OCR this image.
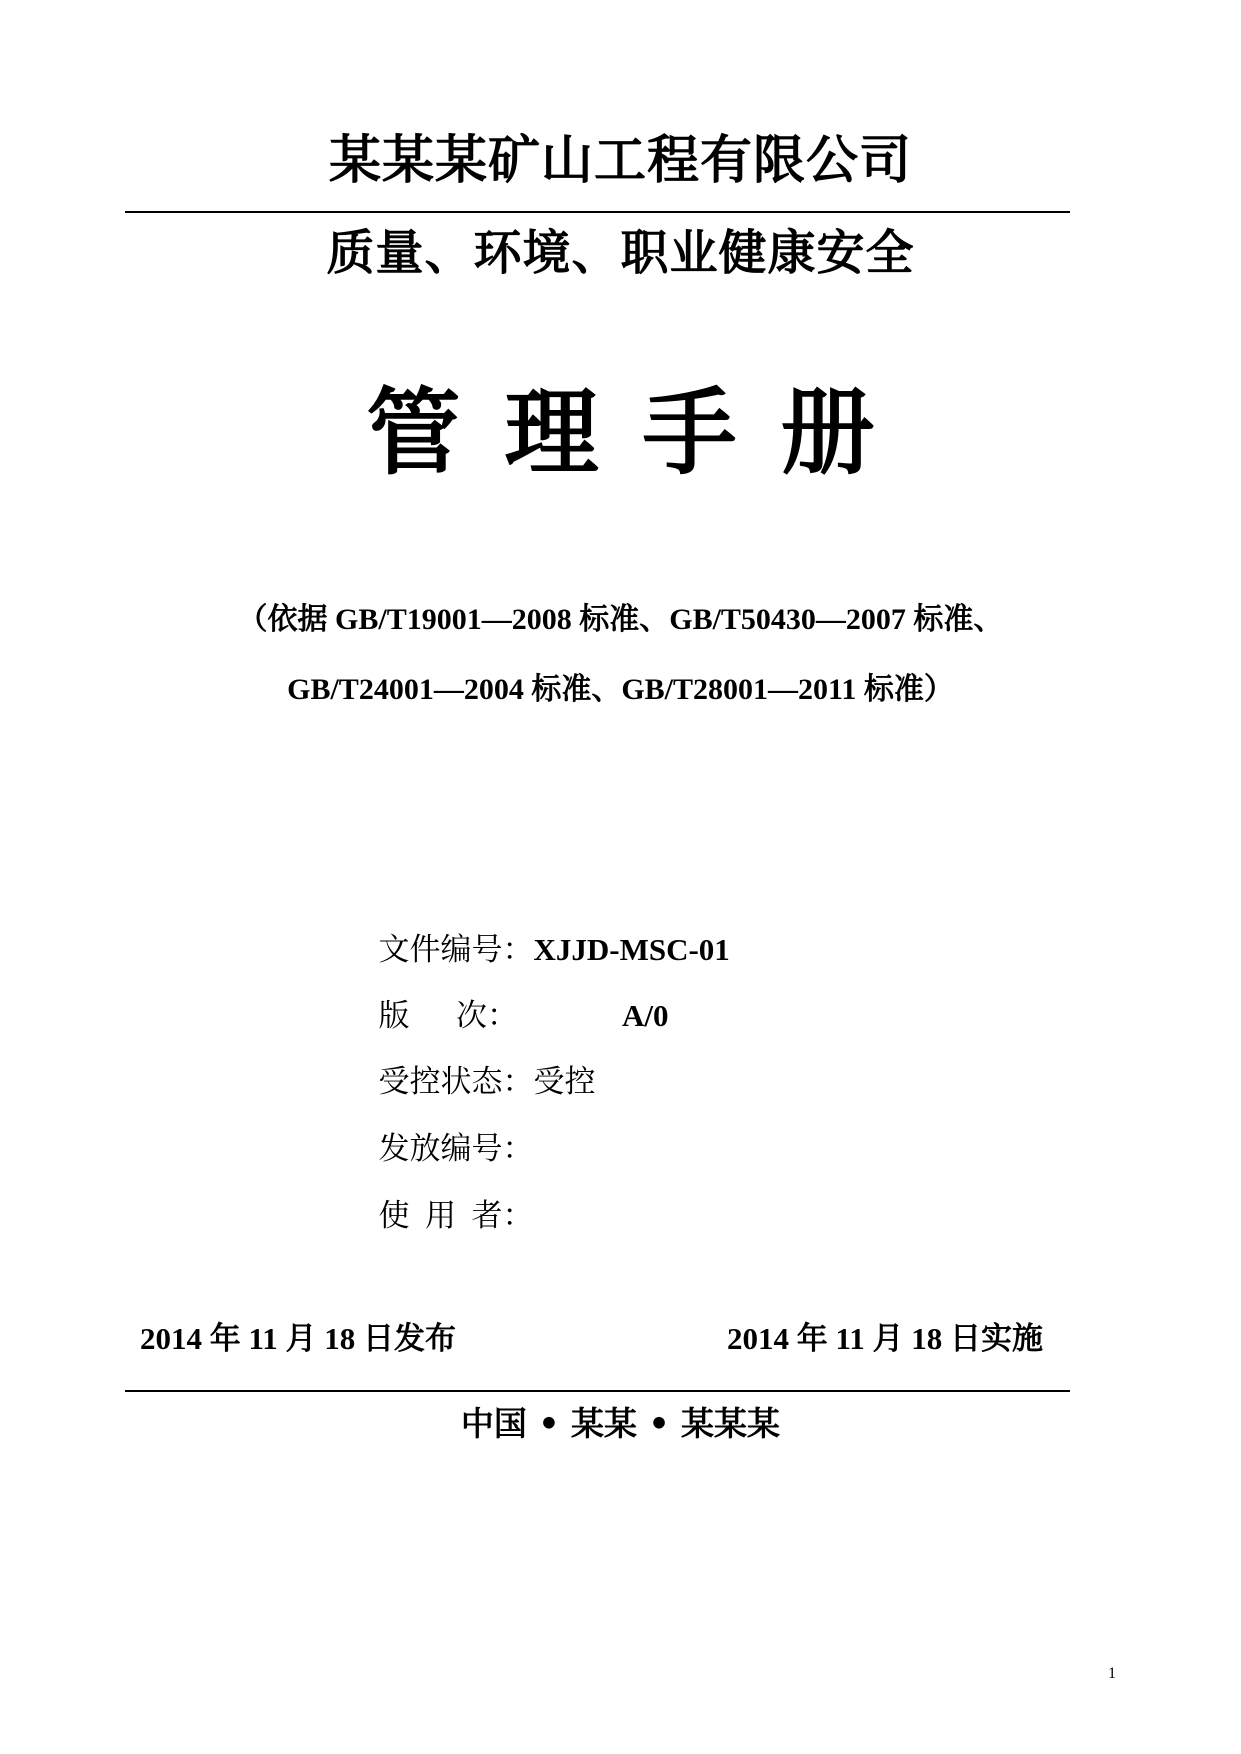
某某某矿山工程有限公司
质量、环境、职业健康安全
管理手册
（依据 GB/T19001—2008 标准、GB/T50430—2007 标准、
GB/T24001—2004 标准、GB/T28001—2011 标准）

文件编号：XJJD-MSC-01

版      次：	A/0

受控状态：受控

发放编号：

使  用  者：

2014 年 11 月 18 日发布	2014 年 11 月 18 日实施
中国 • 某某 • 某某某
1
